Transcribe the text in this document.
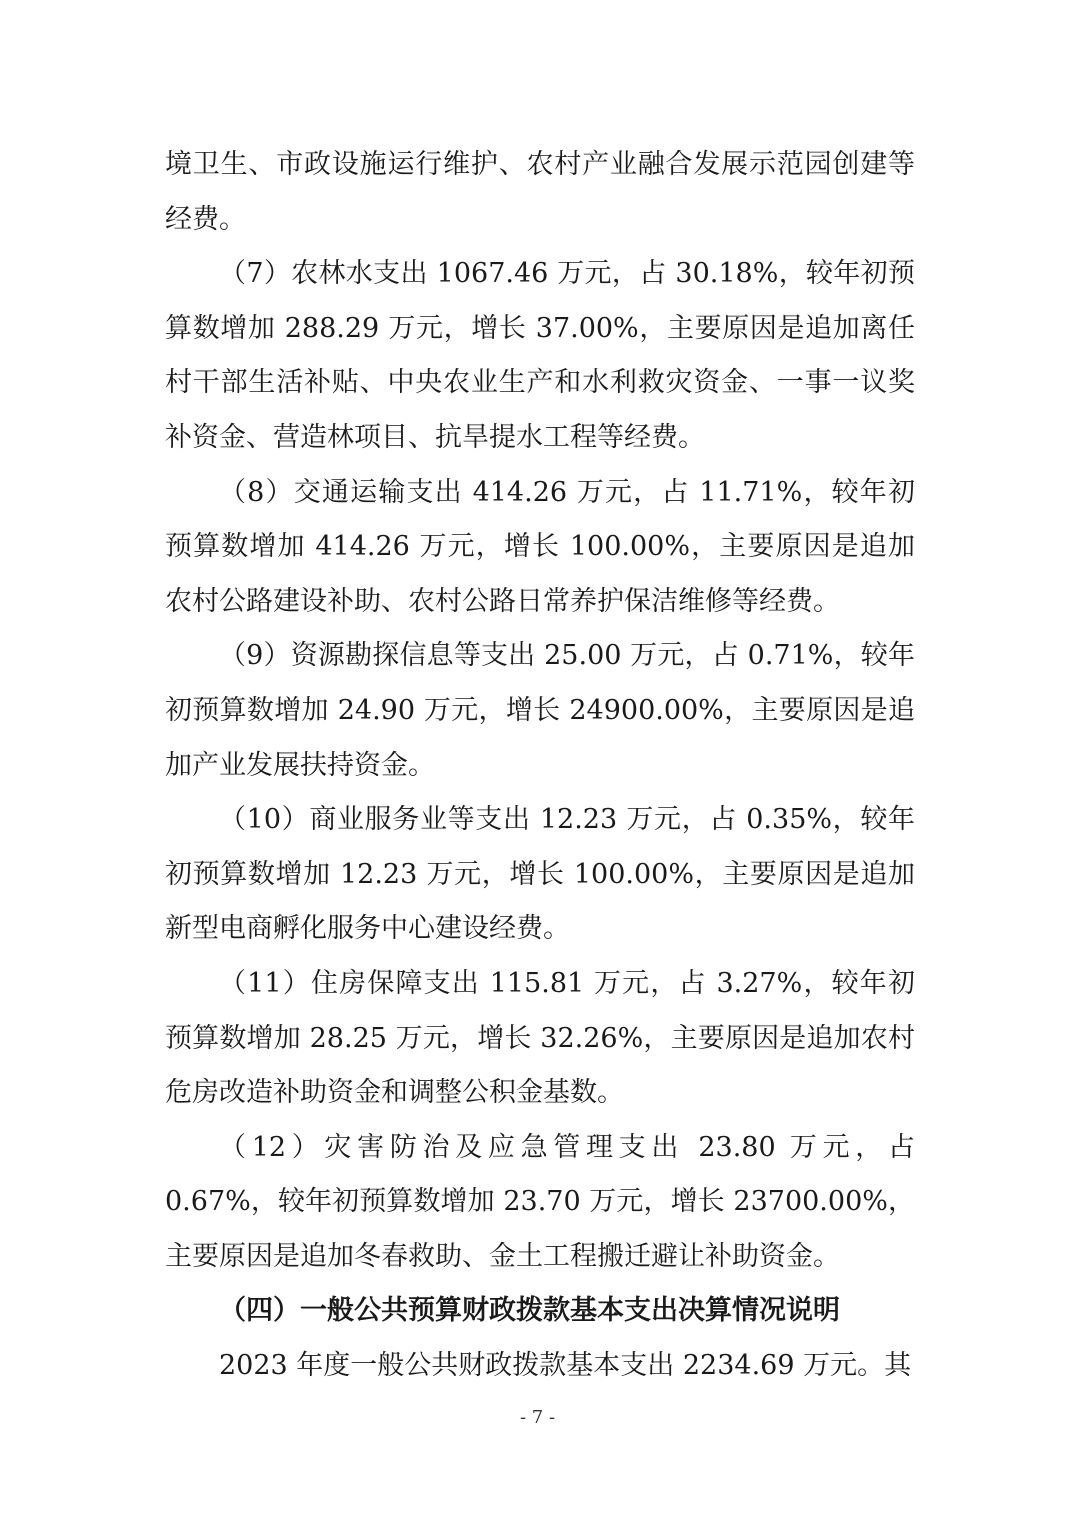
境卫生、市政设施运行维护、农村产业融合发展示范园创建等经费。

（7）农林水支出 1067.46 万元，占 30.18%，较年初预算数增加 288.29 万元，增长 37.00%，主要原因是追加离任村干部生活补贴、中央农业生产和水利救灾资金、一事一议奖补资金、营造林项目、抗旱提水工程等经费。

（8）交通运输支出 414.26 万元，占 11.71%，较年初预算数增加 414.26 万元，增长 100.00%，主要原因是追加农村公路建设补助、农村公路日常养护保洁维修等经费。

（9）资源勘探信息等支出 25.00 万元，占 0.71%，较年初预算数增加 24.90 万元，增长 24900.00%，主要原因是追加产业发展扶持资金。

（10）商业服务业等支出 12.23 万元，占 0.35%，较年初预算数增加 12.23 万元，增长 100.00%，主要原因是追加新型电商孵化服务中心建设经费。

（11）住房保障支出 115.81 万元，占 3.27%，较年初预算数增加 28.25 万元，增长 32.26%，主要原因是追加农村危房改造补助资金和调整公积金基数。

（12）灾害防治及应急管理支出 23.80 万元，占 0.67%，较年初预算数增加 23.70 万元，增长 23700.00%，主要原因是追加冬春救助、金土工程搬迁避让补助资金。

（四）一般公共预算财政拨款基本支出决算情况说明

2023 年度一般公共财政拨款基本支出 2234.69 万元。其

- 7 -
